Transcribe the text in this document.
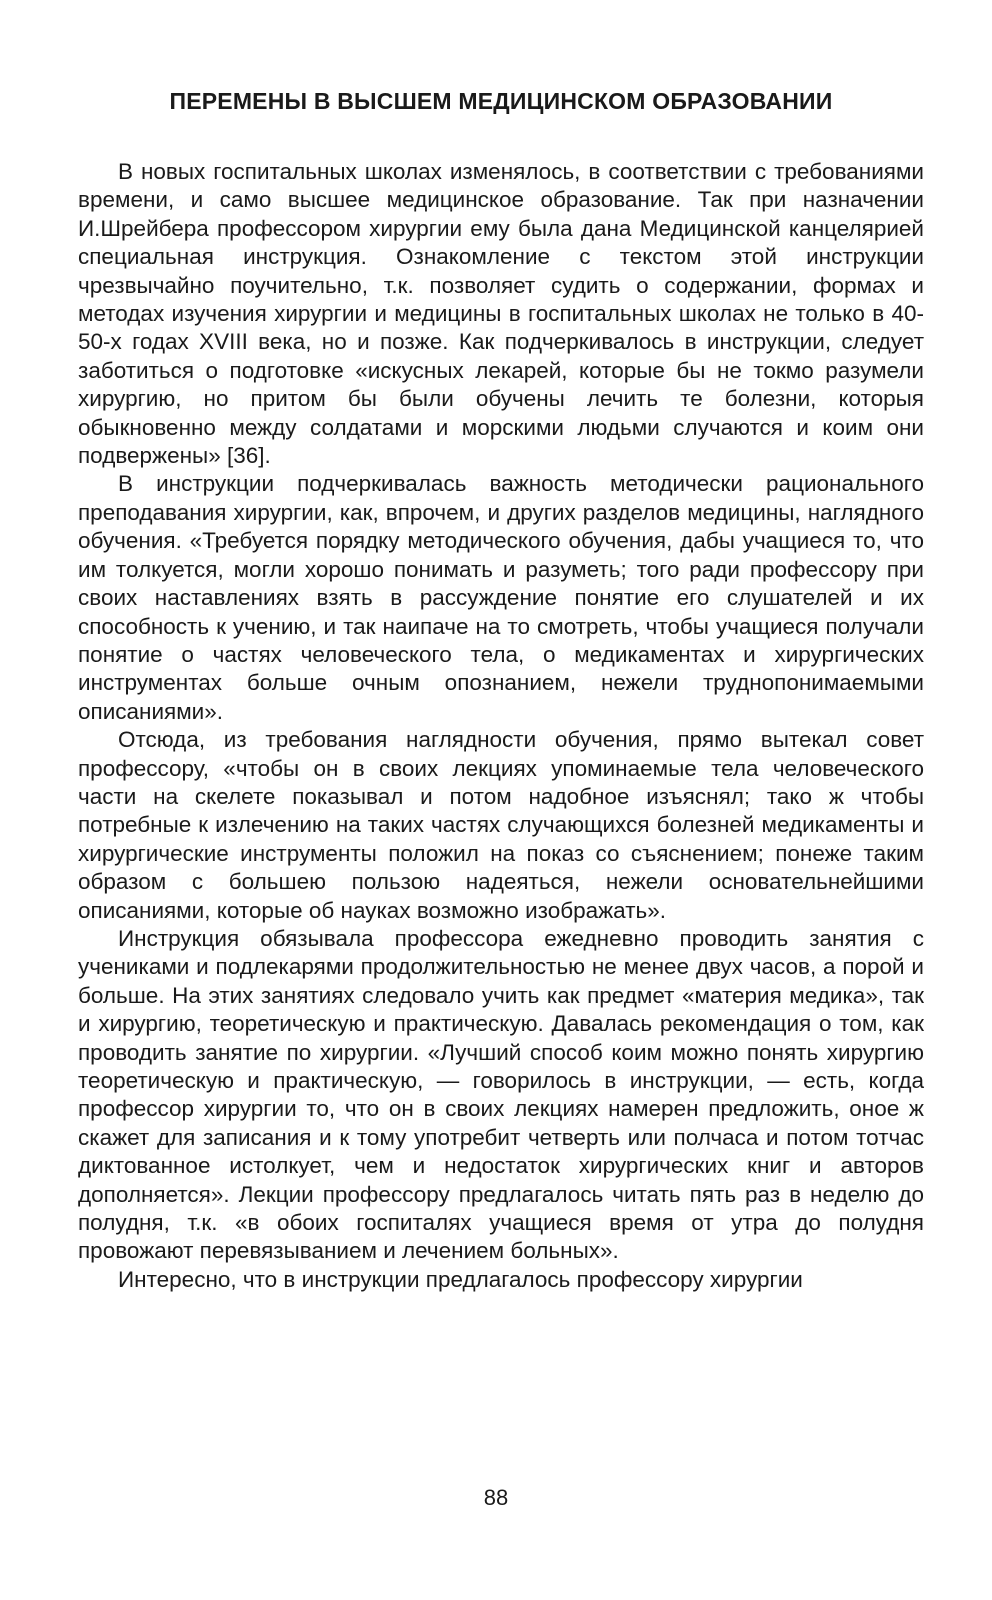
ПЕРЕМЕНЫ В ВЫСШЕМ МЕДИЦИНСКОМ ОБРАЗОВАНИИ

В новых госпитальных школах изменялось, в соответствии с требованиями времени, и само высшее медицинское образование. Так при назначении И.Шрейбера профессором хирургии ему была дана Медицинской канцелярией специальная инструкция. Ознакомление с текстом этой инструкции чрезвычайно поучительно, т.к. позволяет судить о содержании, формах и методах изучения хирургии и медицины в госпитальных школах не только в 40-50-х годах XVIII века, но и позже. Как подчеркивалось в инструкции, следует заботиться о подготовке «искусных лекарей, которые бы не токмо разумели хирургию, но притом бы были обучены лечить те болезни, которыя обыкновенно между солдатами и морскими людьми случаются и коим они подвержены» [36].

В инструкции подчеркивалась важность методически рационального преподавания хирургии, как, впрочем, и других разделов медицины, наглядного обучения. «Требуется порядку методического обучения, дабы учащиеся то, что им толкуется, могли хорошо понимать и разуметь; того ради профессору при своих наставлениях взять в рассуждение понятие его слушателей и их способность к учению, и так наипаче на то смотреть, чтобы учащиеся получали понятие о частях человеческого тела, о медикаментах и хирургических инструментах больше очным опознанием, нежели труднопонимаемыми описаниями».

Отсюда, из требования наглядности обучения, прямо вытекал совет профессору, «чтобы он в своих лекциях упоминаемые тела человеческого части на скелете показывал и потом надобное изъяснял; тако ж чтобы потребные к излечению на таких частях случающихся болезней медикаменты и хирургические инструменты положил на показ со съяснением; понеже таким образом с большею пользою надеяться, нежели основательнейшими описаниями, которые об науках возможно изображать».

Инструкция обязывала профессора ежедневно проводить занятия с учениками и подлекарями продолжительностью не менее двух часов, а порой и больше. На этих занятиях следовало учить как предмет «материя медика», так и хирургию, теоретическую и практическую. Давалась рекомендация о том, как проводить занятие по хирургии. «Лучший способ коим можно понять хирургию теоретическую и практическую, — говорилось в инструкции, — есть, когда профессор хирургии то, что он в своих лекциях намерен предложить, оное ж скажет для записания и к тому употребит четверть или полчаса и потом тотчас диктованное истолкует, чем и недостаток хирургических книг и авторов дополняется». Лекции профессору предлагалось читать пять раз в неделю до полудня, т.к. «в обоих госпиталях учащиеся время от утра до полудня провожают перевязыванием и лечением больных».

Интересно, что в инструкции предлагалось профессору хирургии

88
